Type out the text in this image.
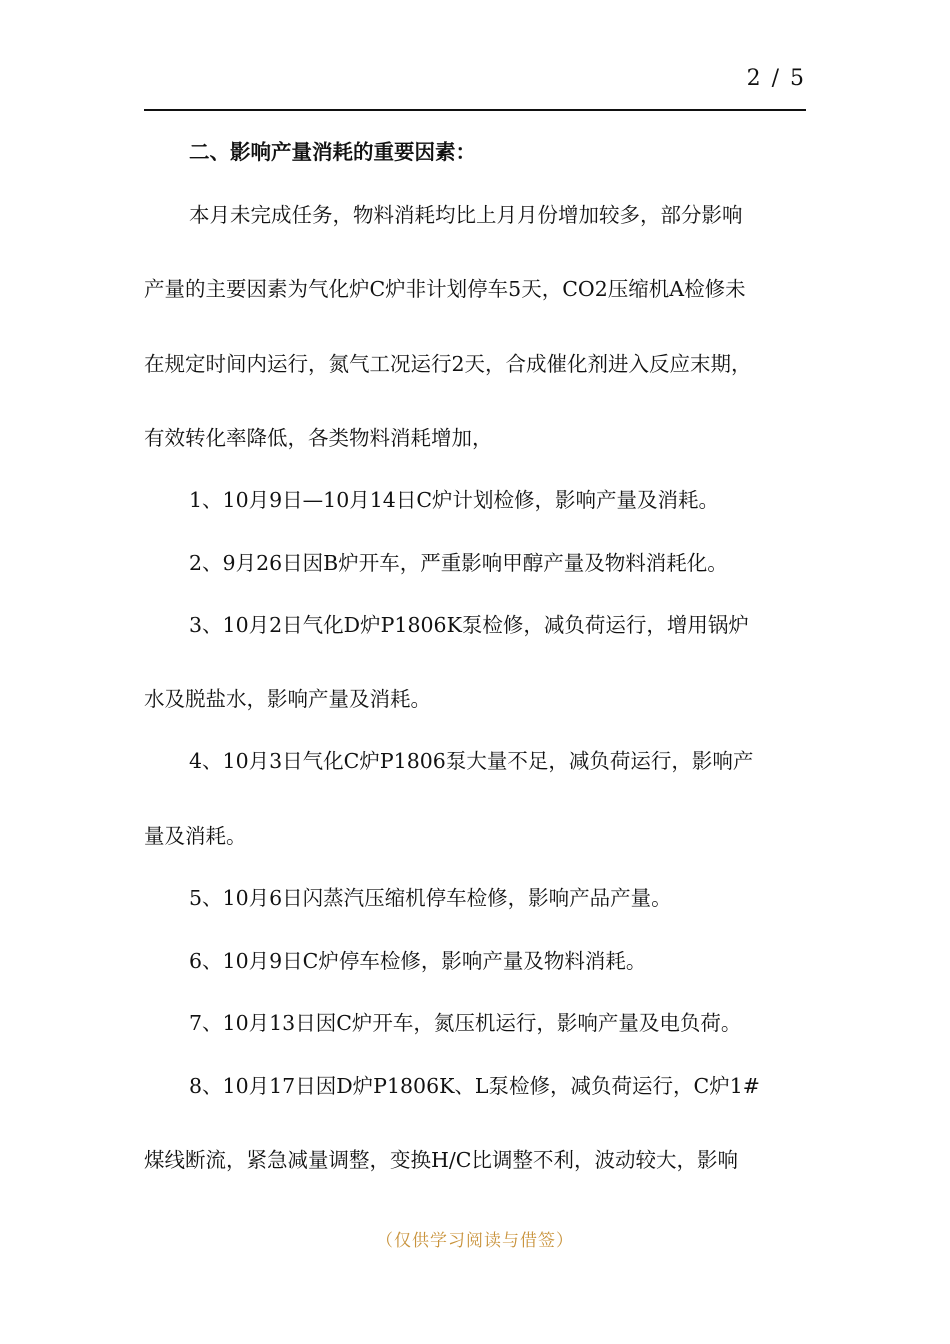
2 / 5
二、影响产量消耗的重要因素：
本月未完成任务，物料消耗均比上月月份增加较多，部分影响
产量的主要因素为气化炉C炉非计划停车5天，CO2压缩机A检修未
在规定时间内运行，氮气工况运行2天，合成催化剂进入反应末期，
有效转化率降低，各类物料消耗增加，
1、10月9日—10月14日C炉计划检修，影响产量及消耗。
2、9月26日因B炉开车，严重影响甲醇产量及物料消耗化。
3、10月2日气化D炉P1806K泵检修，减负荷运行，增用锅炉
水及脱盐水，影响产量及消耗。
4、10月3日气化C炉P1806泵大量不足，减负荷运行，影响产
量及消耗。
5、10月6日闪蒸汽压缩机停车检修，影响产品产量。
6、10月9日C炉停车检修，影响产量及物料消耗。
7、10月13日因C炉开车，氮压机运行，影响产量及电负荷。
8、10月17日因D炉P1806K、L泵检修，减负荷运行，C炉1#
煤线断流，紧急减量调整，变换H/C比调整不利，波动较大，影响
（仅供学习阅读与借签）
